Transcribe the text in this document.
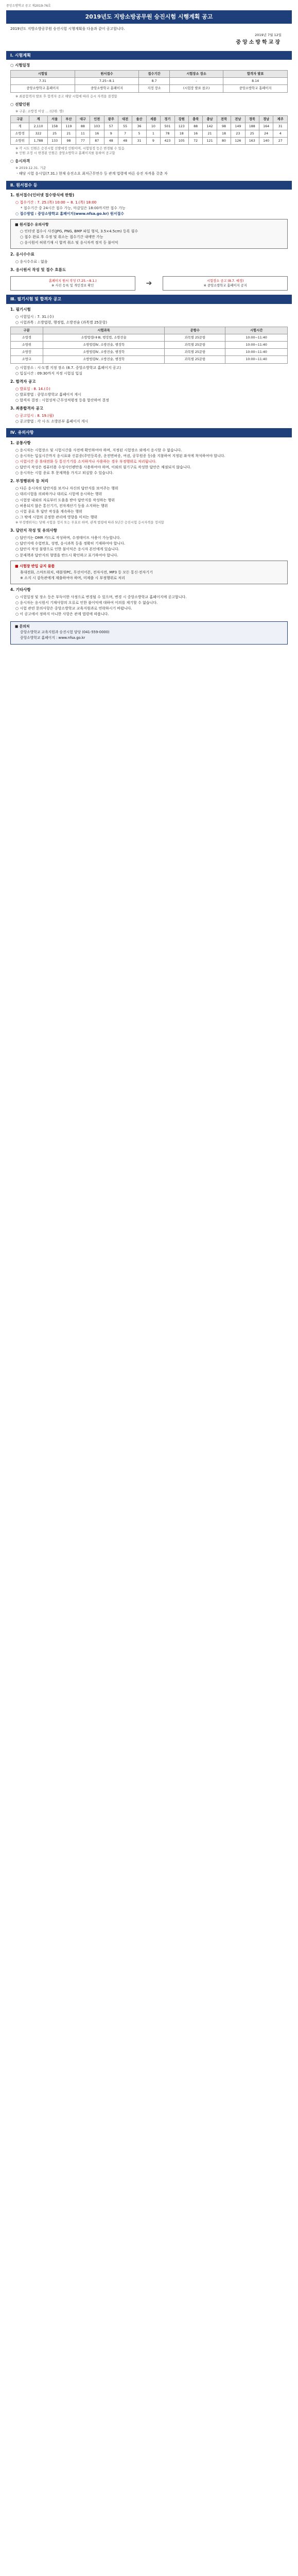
중앙소방학교 공고 제2019-76호
2019년도 지방소방공무원 승진시험 시행계획 공고
2019년도 지방소방공무원 승진시험 시행계획을 다음과 같이 공고합니다.
2019년 7월 12일
중앙소방학교장
Ⅰ. 시험계획
○ 시험일정
시험일	원서접수	접수기간	시험장소 장소	합격자 발표
7.31	7.25~8.1	8.7	-	8.14
중앙소방학교 홈페이지	중앙소방학교 홈페이지	지정 장소	(시험장 발표 참조)	중앙소방학교 홈페이지
※ 최종합격자 발표 후 합격자 공고 해당 시험에 따라 응시 자격을 결정함
○ 선발인원
※ 구분: 소방정 이상 … (단위: 명)
구분	계	서울	부산	대구	인천	광주	대전	울산	세종	경기	강원	충북	충남	전북	전남	경북	경남	제주
계	2,110	158	119	88	103	57	55	36	10	501	123	88	142	98	149	188	164	31
소방경	322	25	21	11	16	9	7	5	1	78	18	16	21	18	23	25	24	4
소방위	1,788	133	98	77	87	48	48	31	9	423	105	72	121	80	126	163	140	27
※ 각 시도 인원은 승진시험 선발예정 인원이며, 시험일정 등은 변경될 수 있음
※ 인원 조정 시 변경된 인원은 중앙소방학교 홈페이지를 통하여 공고함
○ 응시자격
※ 2019.12.31. 기준
ㆍ해당 시험 응시일(7.31.) 현재 승진소요 최저근무연수 등 관계 법령에 따른 승진 자격을 갖춘 자
Ⅱ. 원서접수 등
1. 원서접수(인터넷 접수방식에 한함)
○ 접수기간 : 7. 25.(목) 10:00 ~ 8. 1.(목) 18:00
* 접수기간 중 24시간 접수 가능, 마감일은 18:00까지만 접수 가능
○ 접수방법 : 중앙소방학교 홈페이지(www.nfsa.go.kr) 원서접수
■ 원서접수 유의사항
○ 인터넷 접수시 사진(JPG, PNG, BMP 파일 형식, 3.5×4.5cm) 등록 필수
○ 접수 완료 후 수정 및 취소는 접수기간 내에만 가능
○ 응시원서 허위기재 시 합격 취소 및 응시자격 정지 등 불이익
2. 응시수수료
○ 응시수수료 : 없음
3. 응시원서 작성 및 접수 흐름도
홈페이지 원서 작성 (7.25.~8.1.)
※ 사진 등록 및 개인정보 확인	➔	시험장소 공고 (8.7. 예정)
※ 중앙소방학교 홈페이지 공지
Ⅲ. 필기시험 및 합격자 공고
1. 필기시험
○ 시험일시 : 7. 31.(수)
○ 시험과목 : 소방법령, 행정법, 소방전술 (과목별 25문항)
구분	시험과목	문항수	시험시간
소방경	소방법령Ⅰ·Ⅱ·Ⅲ, 행정법, 소방전술	과목별 25문항	10:00~11:40
소방위	소방법령Ⅳ, 소방전술, 행정학	과목별 25문항	10:00~11:40
소방장	소방법령Ⅳ, 소방전술, 행정학	과목별 25문항	10:00~11:40
소방교	소방법령Ⅳ, 소방전술, 행정학	과목별 25문항	10:00~11:40
○ 시험장소 : 시·도별 지정 장소 (8.7. 중앙소방학교 홈페이지 공고)
○ 입실시간 : 09:30까지 지정 시험실 입실
2. 합격자 공고
○ 발표일 : 8. 14.(수)
○ 발표방법 : 중앙소방학교 홈페이지 게시
○ 합격자 결정 : 시험성적·근무성적평정 등을 합산하여 결정
3. 최종합격자 공고
○ 공고일시 : 8. 19.(월)
○ 공고방법 : 각 시·도 소방본부 홈페이지 게시
Ⅳ. 유의사항
1. 공통사항
○ 응시자는 시험장소 및 시험시간을 사전에 확인하여야 하며, 지정된 시험장소 외에서 응시할 수 없습니다.
○ 응시자는 입실시간까지 응시표와 신분증(주민등록증, 운전면허증, 여권, 공무원증 등)을 지참하여 지정된 좌석에 착석하여야 합니다.
○ 시험시간 중 휴대전화 등 통신기기를 소지하거나 사용하는 경우 부정행위로 처리됩니다.
○ 답안지 작성은 컴퓨터용 수성사인펜만을 사용하여야 하며, 이외의 필기구로 작성한 답안은 채점되지 않습니다.
○ 응시자는 시험 종료 후 문제책을 가지고 퇴실할 수 있습니다.
2. 부정행위자 등 처리
○ 다른 응시자의 답안지를 보거나 자신의 답안지를 보여주는 행위
○ 대리시험을 의뢰하거나 대리로 시험에 응시하는 행위
○ 시험장 내외의 자로부터 도움을 받아 답안지를 작성하는 행위
○ 허용되지 않은 통신기기, 전자계산기 등을 소지하는 행위
○ 시험 종료 후 답안 작성을 계속하는 행위
○ 그 밖에 시험의 공정한 관리에 영향을 미치는 행위
※ 부정행위자는 당해 시험을 정지 또는 무효로 하며, 관계 법령에 따라 5년간 승진시험 응시자격을 정지함
3. 답안지 작성 및 유의사항
○ 답안지는 OMR 카드로 작성하며, 수정테이프 사용이 가능합니다.
○ 답안지에 수험번호, 성명, 응시과목 등을 정확히 기재하여야 합니다.
○ 답안지 작성 불량으로 인한 불이익은 응시자 본인에게 있습니다.
○ 문제책과 답안지의 형별을 반드시 확인하고 표기하여야 합니다.
■ 시험장 반입 금지 물품
휴대전화, 스마트워치, 태블릿PC, 무선이어폰, 전자사전, MP3 등 모든 통신·전자기기
※ 소지 시 감독관에게 제출하여야 하며, 미제출 시 부정행위로 처리
4. 기타사항
○ 시험일정 및 장소 등은 부득이한 사정으로 변경될 수 있으며, 변경 시 중앙소방학교 홈페이지에 공고합니다.
○ 응시자는 응시원서 기재사항의 오류로 인한 불이익에 대하여 이의를 제기할 수 없습니다.
○ 시험 관련 문의사항은 중앙소방학교 교육지원과로 연락하시기 바랍니다.
○ 이 공고에서 정하지 아니한 사항은 관계 법령에 따릅니다.
■ 문의처
중앙소방학교 교육지원과 승진시험 담당 (041-559-0000)
중앙소방학교 홈페이지 : www.nfsa.go.kr
